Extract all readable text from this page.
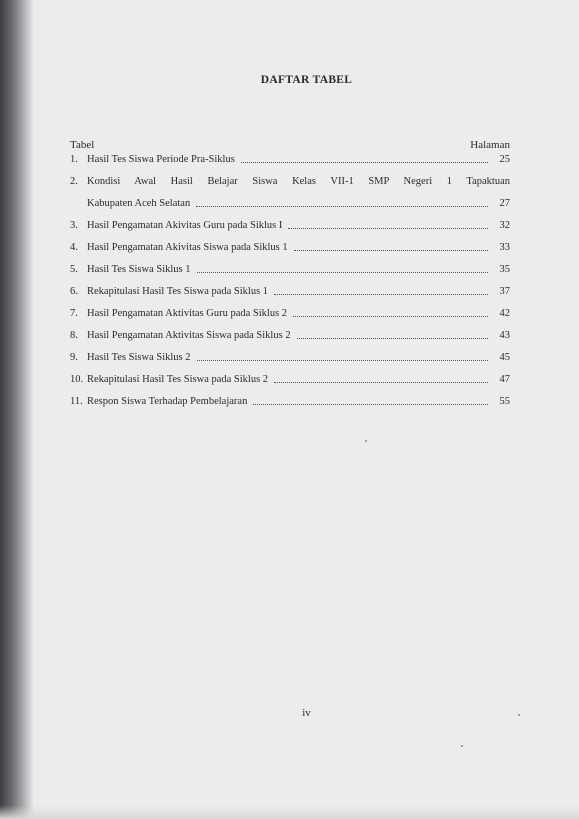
DAFTAR TABEL
Tabel	Halaman
1. Hasil Tes Siswa Periode Pra-Siklus	25
2. Kondisi Awal Hasil Belajar Siswa Kelas VII-1 SMP Negeri 1 Tapaktuan
Kabupaten Aceh Selatan	27
3. Hasil Pengamatan Akivitas Guru pada Siklus I	32
4. Hasil Pengamatan Akivitas Siswa pada Siklus 1	33
5. Hasil Tes Siswa Siklus 1	35
6. Rekapitulasi Hasil Tes Siswa pada Siklus 1	37
7. Hasil Pengamatan Aktivitas Guru pada Siklus 2	42
8. Hasil Pengamatan Aktivitas Siswa pada Siklus 2	43
9. Hasil Tes Siswa Siklus 2	45
10. Rekapitulasi Hasil Tes Siswa pada Siklus 2	47
11. Respon Siswa Terhadap Pembelajaran	55
iv
